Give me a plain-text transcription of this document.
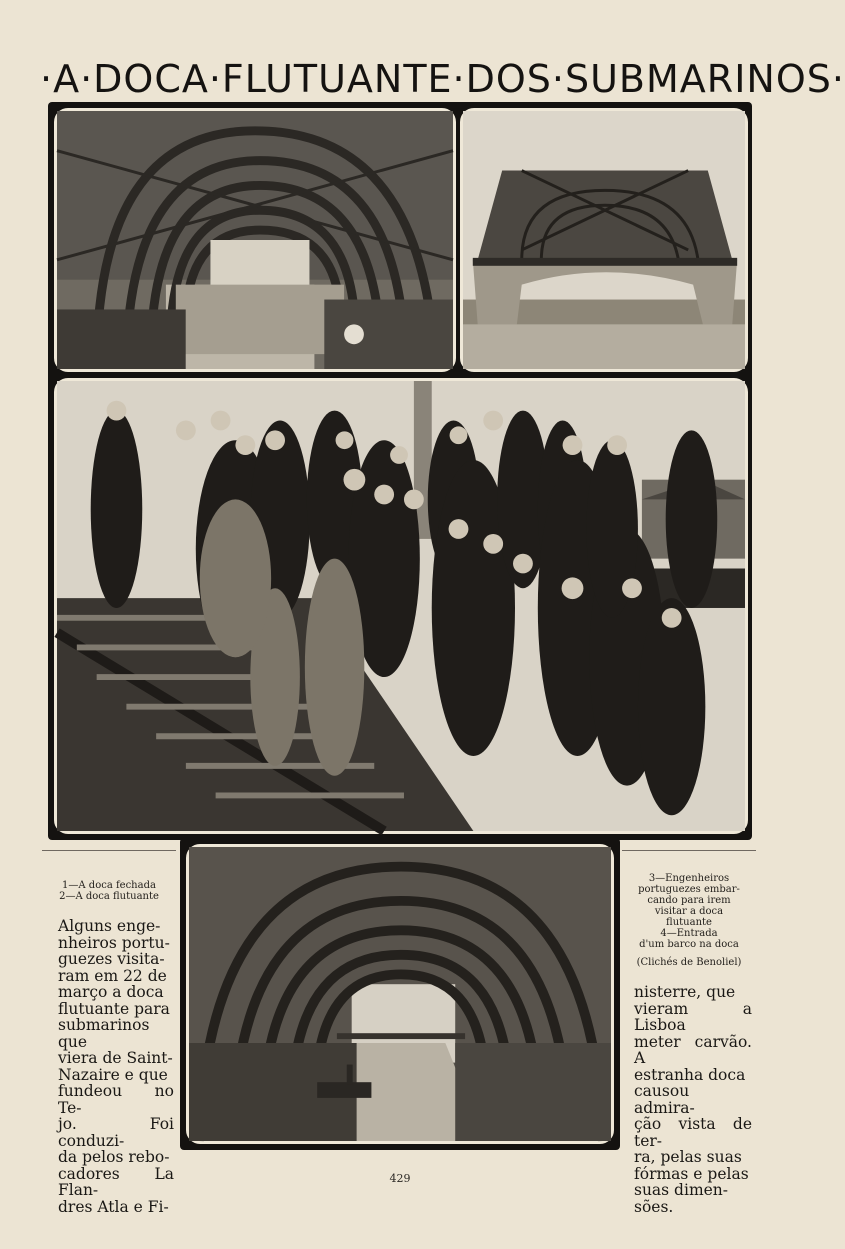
·A·DOCA·FLUTUANTE·DOS·SUBMARINOS·
1—A doca fechada
2—A doca flutuante
3—Engenheiros
portuguezes embar-
cando para irem
visitar a doca
flutuante
4—Entrada
d'um barco na doca
(Clichés de Benoliel)
Alguns enge-
nheiros portu-
guezes visita-
ram em 22 de
março a doca
flutuante para
submarinos que
viera de Saint-
Nazaire e que
fundeou no Te-
jo. Foi conduzi-
da pelos rebo-
cadores La Flan-
dres Atla e Fi-
nisterre, que
vieram a Lisboa
meter carvão. A
estranha doca
causou admira-
ção vista de ter-
ra, pelas suas
fórmas e pelas
suas dimen-
sões.
429
